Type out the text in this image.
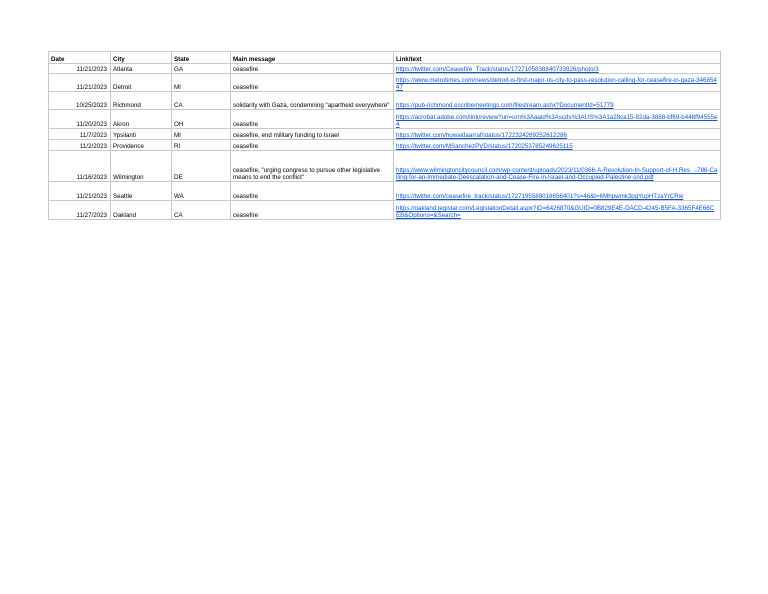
Date	City	State	Main message	Link/text
11/21/2023	Atlanta	GA	ceasefire	https://twitter.com/Ceasefire_Track/status/1727105838840733926/photo/3
11/21/2023	Detroit	MI	ceasefire	https://www.metrotimes.com/news/detroit-is-first-major-us-city-to-pass-resolution-calling-for-ceasefire-in-gaza-34685447
10/25/2023	Richmond	CA	solidarity with Gaza, condemning "apartheid everywhere"	https://pub-richmond.escribemeetings.com/filestream.ashx?DocumentId=51779
11/20/2023	Akron	OH	ceasefire	https://acrobat.adobe.com/link/review?uri=urn%3Aaaid%3Ascds%3AUS%3A1a28ca15-92da-3888-bf69-b448f94555e4
11/7/2023	Ypsilanti	MI	ceasefire, end military funding to Israel	https://twitter.com/huwaidaarraf/status/1722324269252612286
11/2/2023	Providence	RI	ceasefire	https://twitter.com/MSanchezPVD/status/1720253785249625115
11/16/2023	Wilmington	DE	ceasefire, "urging congress to pursue other legislative means to end the conflict"	https://www.wilmingtoncitycouncil.com/wp-content/uploads/2023/11/0366-A-Resolution-In-Support-of-H.Res_.-786-Calling-for-an-Immediate-Deescalation-and-Cease-Fire-in-Israel-and-Occupied-Palestine-snd.pdf
11/21/2023	Seattle	WA	ceasefire	https://twitter.com/ceasefire_track/status/1727195588016656401?s=46&t=6Mhpwmk3pgYupHTzaYrCRw
11/27/2023	Oakland	CA	ceasefire	https://oakland.legistar.com/LegislationDetail.aspx?ID=6426870&GUID=0B829E4E-DACD-4245-B5FA-3365F4E66CEB&Options=&Search=
